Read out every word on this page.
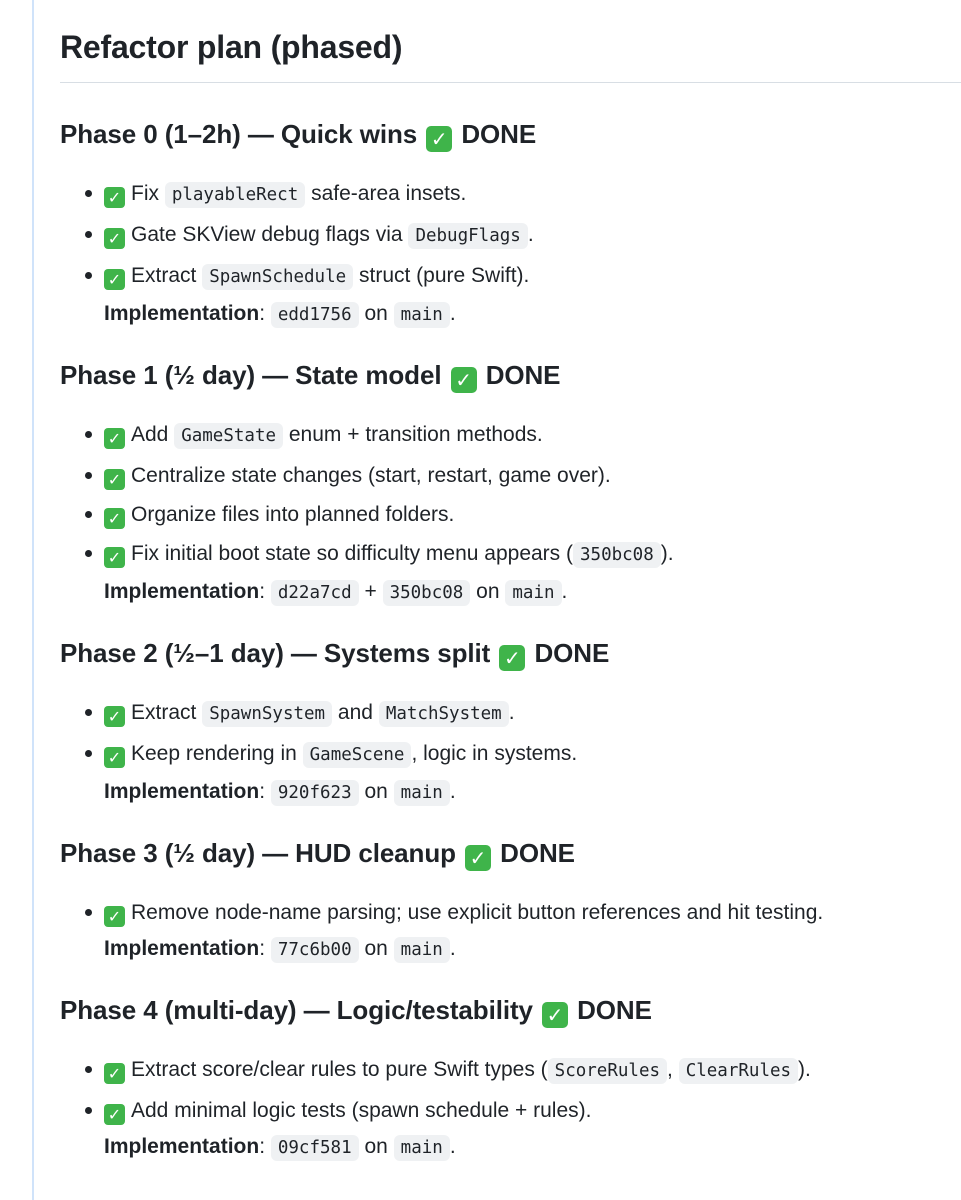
Refactor plan (phased)
Phase 0 (1–2h) — Quick wins ✓ DONE
✓ Fix playableRect safe-area insets.
✓ Gate SKView debug flags via DebugFlags .
✓ Extract SpawnSchedule struct (pure Swift).
Implementation: edd1756 on main .
Phase 1 (½ day) — State model ✓ DONE
✓ Add GameState enum + transition methods.
✓ Centralize state changes (start, restart, game over).
✓ Organize files into planned folders.
✓ Fix initial boot state so difficulty menu appears ( 350bc08 ).
Implementation: d22a7cd + 350bc08 on main .
Phase 2 (½–1 day) — Systems split ✓ DONE
✓ Extract SpawnSystem and MatchSystem .
✓ Keep rendering in GameScene , logic in systems.
Implementation: 920f623 on main .
Phase 3 (½ day) — HUD cleanup ✓ DONE
✓ Remove node-name parsing; use explicit button references and hit testing.
Implementation: 77c6b00 on main .
Phase 4 (multi-day) — Logic/testability ✓ DONE
✓ Extract score/clear rules to pure Swift types ( ScoreRules , ClearRules ).
✓ Add minimal logic tests (spawn schedule + rules).
Implementation: 09cf581 on main .
